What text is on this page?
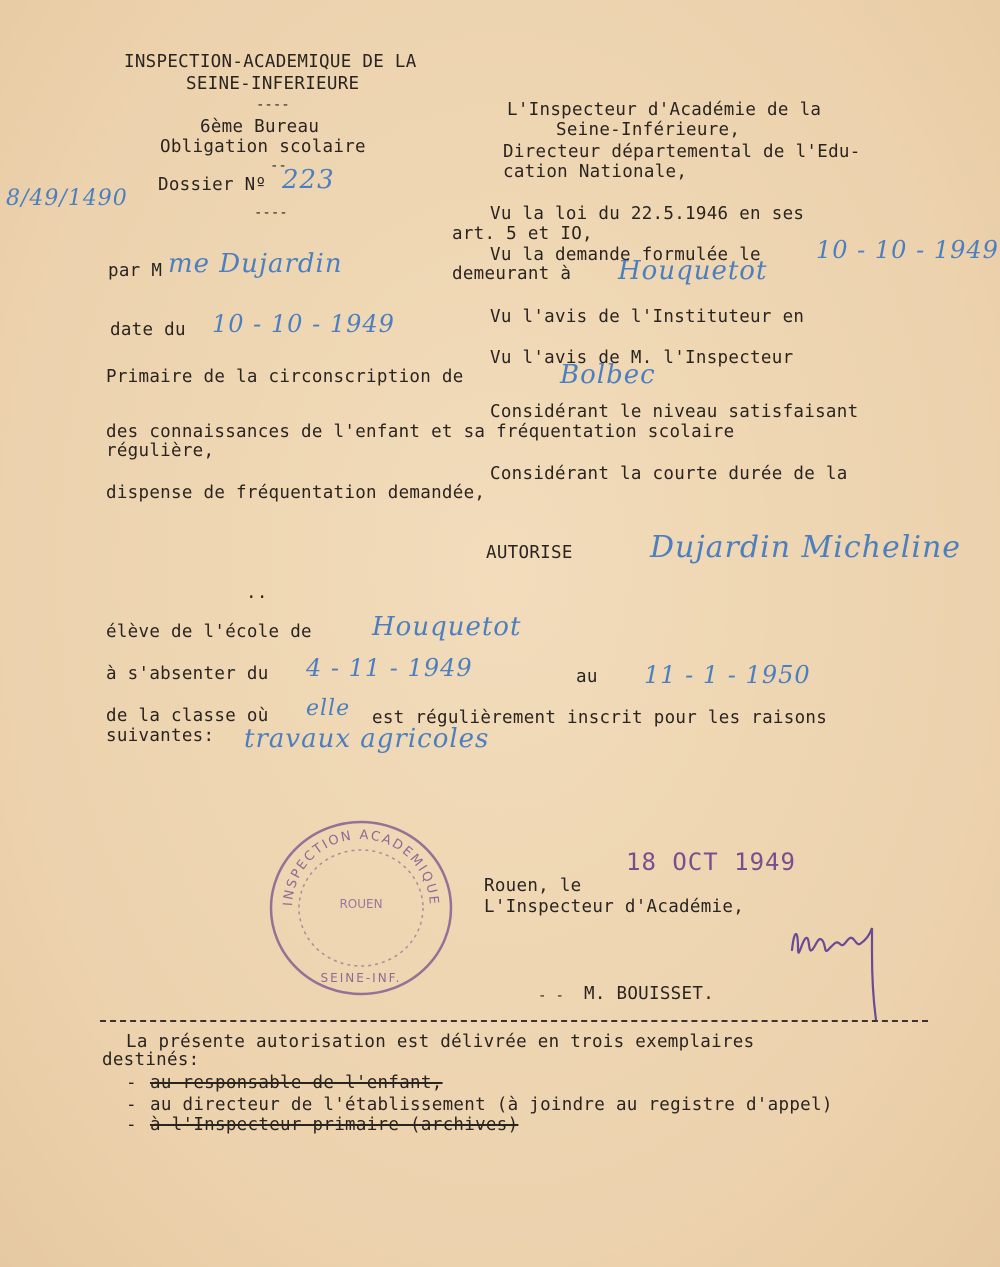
INSPECTION-ACADEMIQUE DE LA
SEINE-INFERIEURE
----
6ème Bureau
Obligation scolaire
--
Dossier Nº 223
----
8/49/1490
L'Inspecteur d'Académie de la
Seine-Inférieure,
Directeur départemental de l'Edu-
cation Nationale,
Vu la loi du 22.5.1946 en ses
art. 5 et IO,
Vu la demande formulée le 10 - 10 - 1949
par M me Dujardin	demeurant à Houquetot
Vu l'avis de l'Instituteur en
date du 10 - 10 - 1949
Vu l'avis de M. l'Inspecteur
Primaire de la circonscription de	Bolbec
Considérant le niveau satisfaisant
des connaissances de l'enfant et sa fréquentation scolaire
régulière,
Considérant la courte durée de la
dispense de fréquentation demandée,
AUTORISE	Dujardin Micheline
..
élève de l'école de Houquetot
à s'absenter du 4 - 11 - 1949	au 11 - 1 - 1950
de la classe où elle est régulièrement inscrit pour les raisons
suivantes: travaux agricoles
INSPECTION ACADEMIQUE
ROUEN
SEINE-INF.
18 OCT 1949
Rouen, le
L'Inspecteur d'Académie,
- - M. BOUISSET.
La présente autorisation est délivrée en trois exemplaires
destinés:
- au responsable de l'enfant,
- au directeur de l'établissement (à joindre au registre d'appel)
- à l'Inspecteur primaire (archives)
